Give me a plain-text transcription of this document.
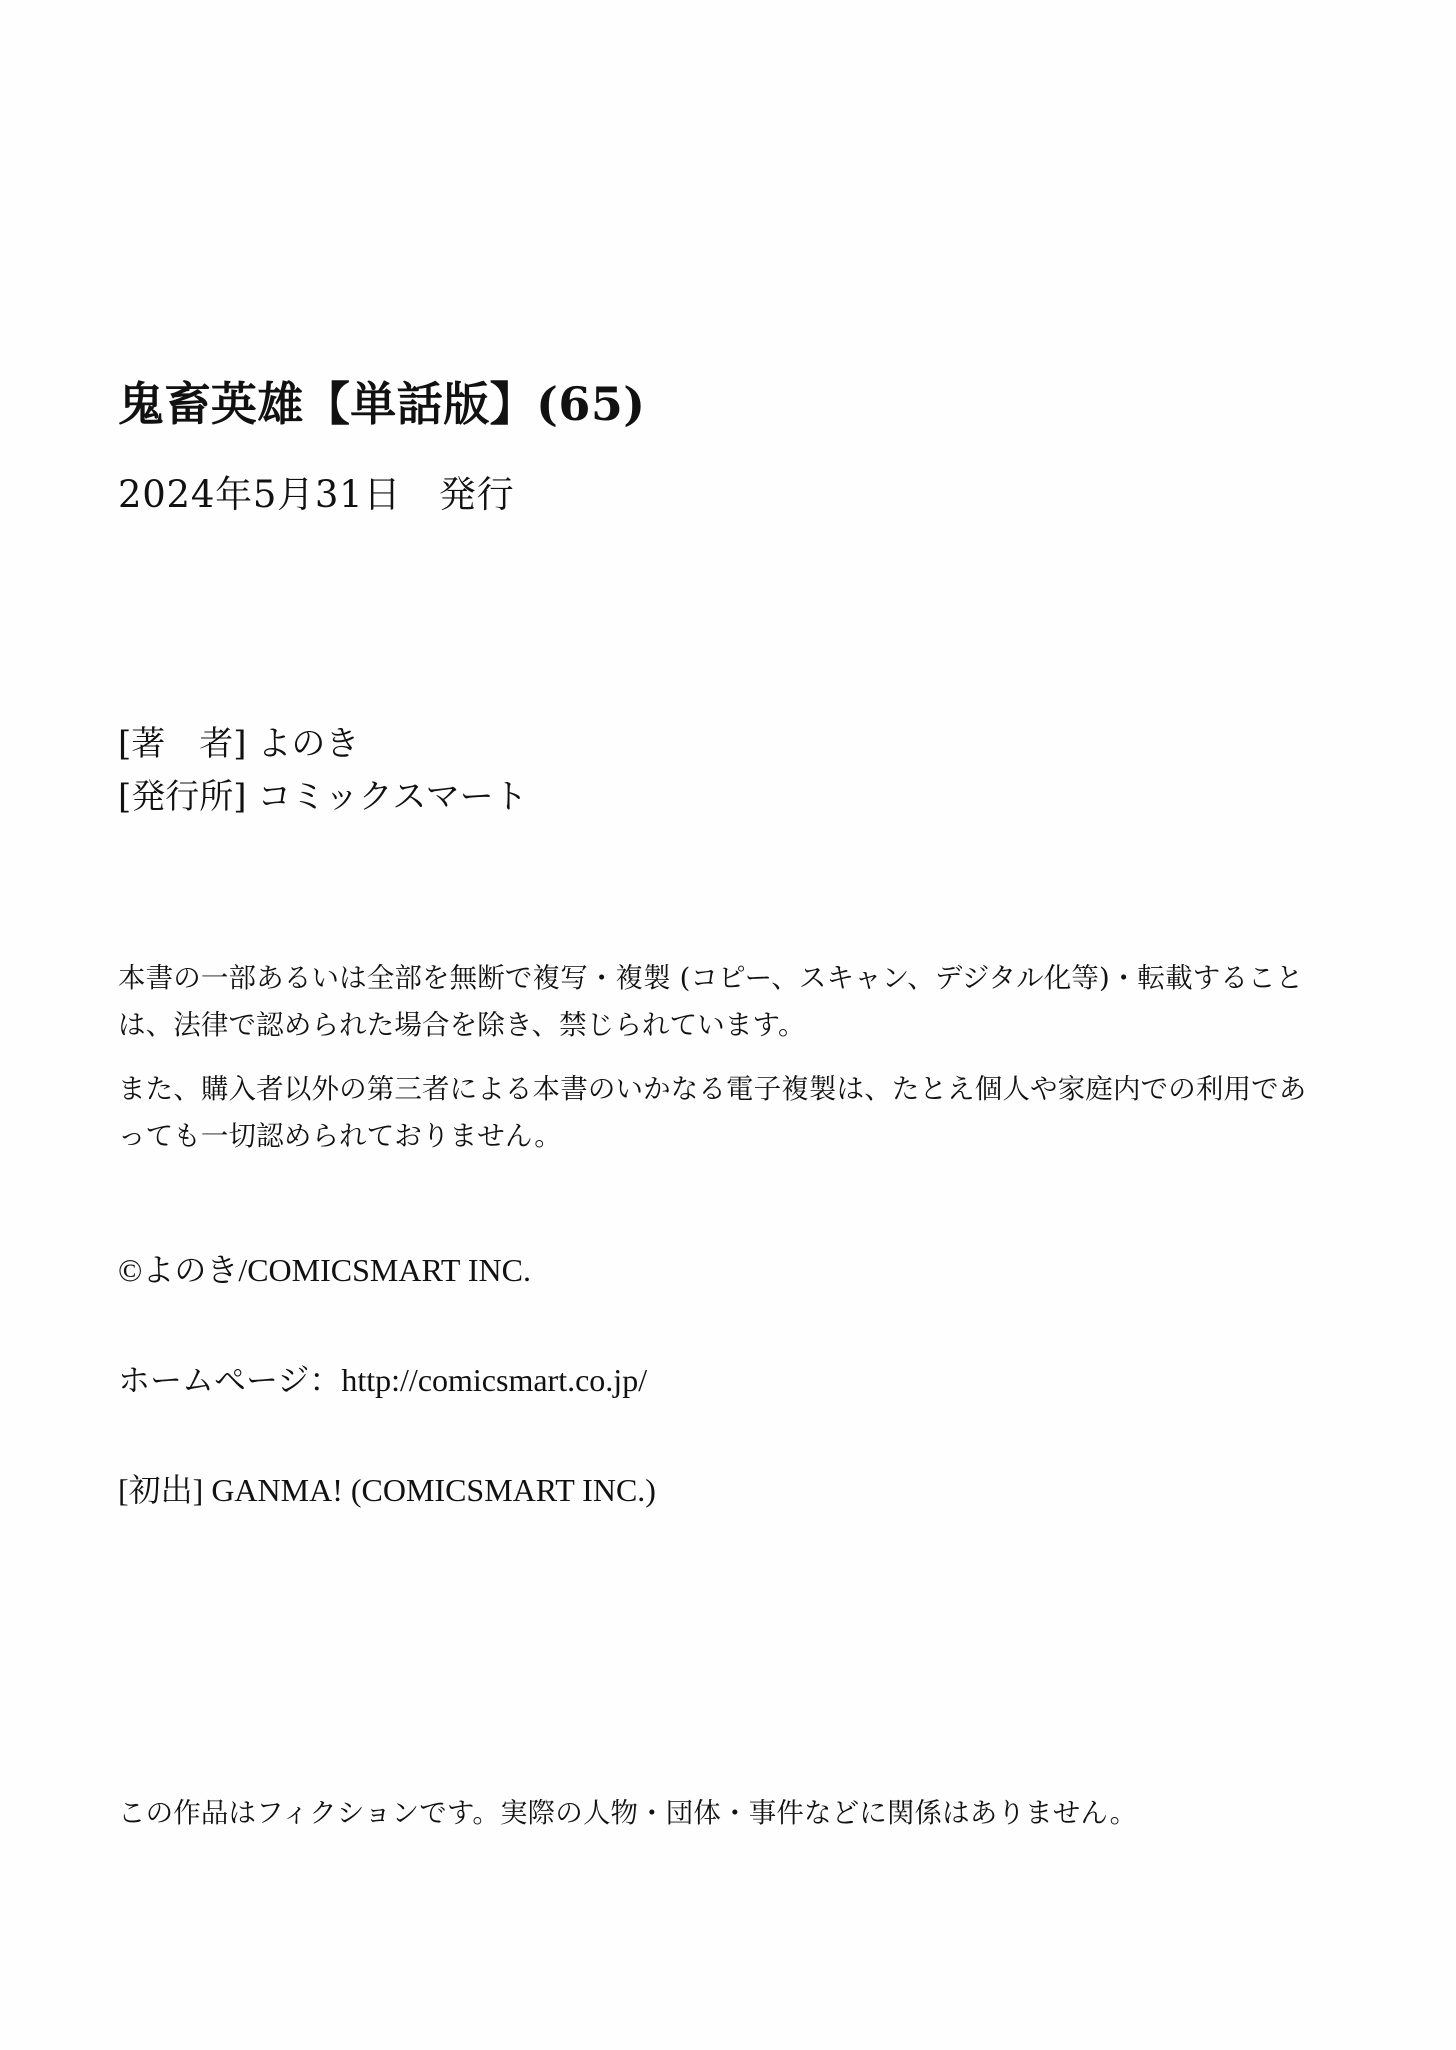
鬼畜英雄【単話版】(65)
2024年5月31日　発行
[著　者] よのき
[発行所] コミックスマート

本書の一部あるいは全部を無断で複写・複製 (コピー、スキャン、デジタル化等)・転載することは、法律で認められた場合を除き、禁じられています。

また、購入者以外の第三者による本書のいかなる電子複製は、たとえ個人や家庭内での利用であっても一切認められておりません。

©よのき/COMICSMART INC.
ホームページ：http://comicsmart.co.jp/
[初出] GANMA! (COMICSMART INC.)
この作品はフィクションです。実際の人物・団体・事件などに関係はありません。
